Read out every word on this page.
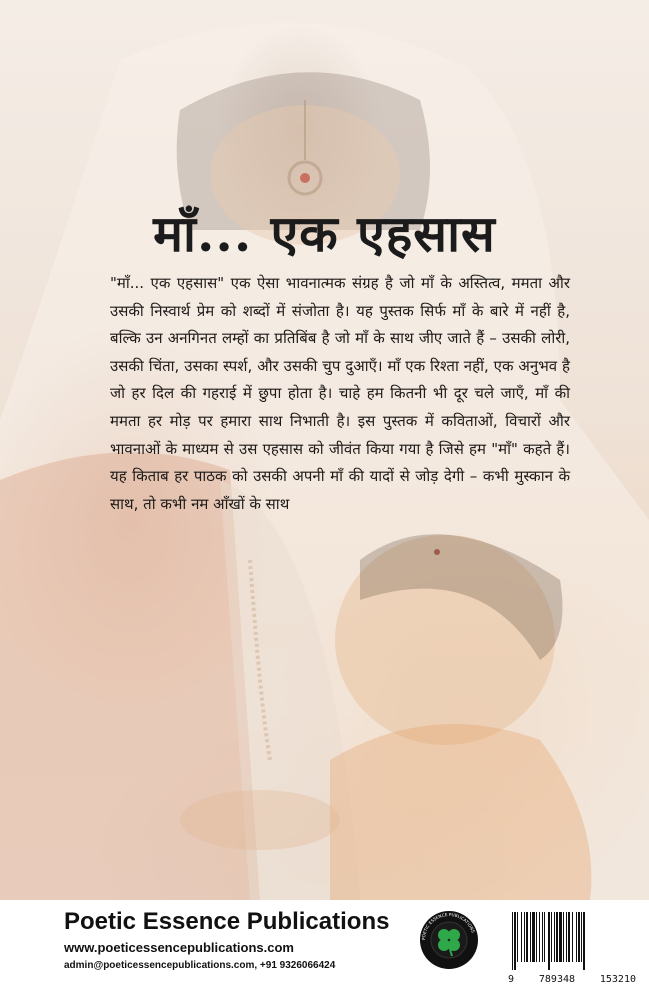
माँ... एक एहसास

"माँ... एक एहसास" एक ऐसा भावनात्मक संग्रह है जो माँ के अस्तित्व, ममता और उसकी निस्वार्थ प्रेम को शब्दों में संजोता है। यह पुस्तक सिर्फ माँ के बारे में नहीं है, बल्कि उन अनगिनत लम्हों का प्रतिबिंब है जो माँ के साथ जीए जाते हैं – उसकी लोरी, उसकी चिंता, उसका स्पर्श, और उसकी चुप दुआएँ। माँ एक रिश्ता नहीं, एक अनुभव है जो हर दिल की गहराई में छुपा होता है। चाहे हम कितनी भी दूर चले जाएँ, माँ की ममता हर मोड़ पर हमारा साथ निभाती है। इस पुस्तक में कविताओं, विचारों और भावनाओं के माध्यम से उस एहसास को जीवंत किया गया है जिसे हम "माँ" कहते हैं। यह किताब हर पाठक को उसकी अपनी माँ की यादों से जोड़ देगी – कभी मुस्कान के साथ, तो कभी नम आँखों के साथ

Poetic Essence Publications
www.poeticessencepublications.com
admin@poeticessencepublications.com, +91 9326066424
POETIC ESSENCE PUBLICATIONS
9 789348 153210
